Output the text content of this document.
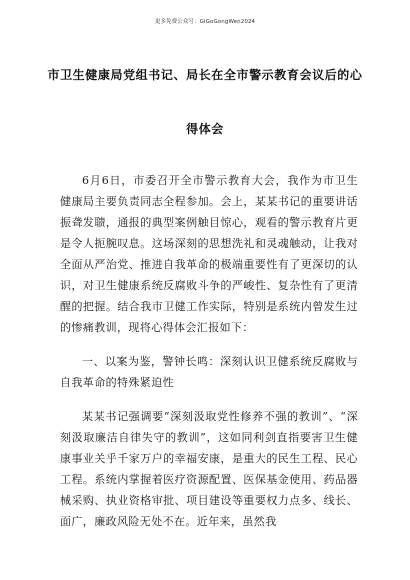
更多免费公众号：GiGoGongWen2024
市卫生健康局党组书记、局长在全市警示教育会议后的心
得体会

6月6日，市委召开全市警示教育大会，我作为市卫生健康局主要负责同志全程参加。会上，某某书记的重要讲话振聋发聩，通报的典型案例触目惊心，观看的警示教育片更是令人扼腕叹息。这场深刻的思想洗礼和灵魂触动，让我对全面从严治党、推进自我革命的极端重要性有了更深切的认识，对卫生健康系统反腐败斗争的严峻性、复杂性有了更清醒的把握。结合我市卫健工作实际，特别是系统内曾发生过的惨痛教训，现将心得体会汇报如下：

一、以案为鉴，警钟长鸣：深刻认识卫健系统反腐败与自我革命的特殊紧迫性

某某书记强调要“深刻汲取党性修养不强的教训”、“深刻汲取廉洁自律失守的教训”，这如同利剑直指要害卫生健康事业关乎千家万户的幸福安康，是重大的民生工程、民心工程。系统内掌握着医疗资源配置、医保基金使用、药品器械采购、执业资格审批、项目建设等重要权力点多、线长、面广，廉政风险无处不在。近年来，虽然我
